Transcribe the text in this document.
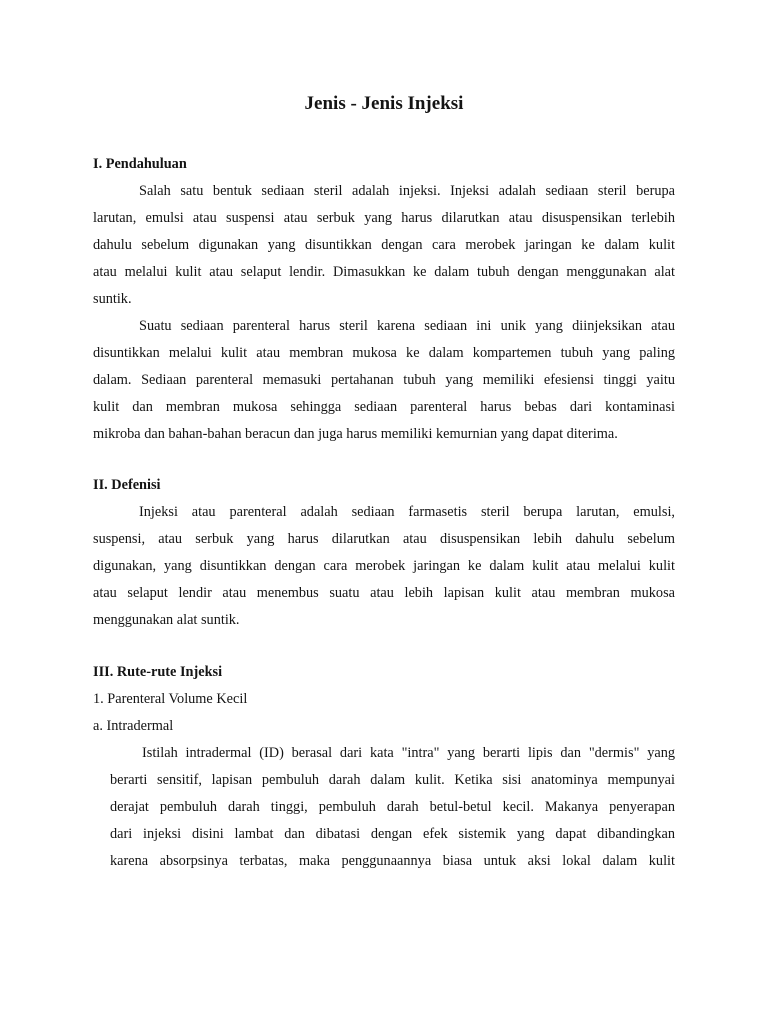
Jenis - Jenis Injeksi
I. Pendahuluan
Salah satu bentuk sediaan steril adalah injeksi. Injeksi adalah sediaan steril berupa
larutan, emulsi atau suspensi atau serbuk yang harus dilarutkan atau disuspensikan terlebih
dahulu sebelum digunakan yang disuntikkan dengan cara merobek jaringan ke dalam kulit
atau melalui kulit atau selaput lendir. Dimasukkan ke dalam tubuh dengan menggunakan alat
suntik.
Suatu sediaan parenteral harus steril karena sediaan ini unik yang diinjeksikan atau
disuntikkan melalui kulit atau membran mukosa ke dalam kompartemen tubuh yang paling
dalam. Sediaan parenteral memasuki pertahanan tubuh yang memiliki efesiensi tinggi yaitu
kulit dan membran mukosa sehingga sediaan parenteral harus bebas dari kontaminasi
mikroba dan bahan-bahan beracun dan juga harus memiliki kemurnian yang dapat diterima.
II. Defenisi
Injeksi atau parenteral adalah sediaan farmasetis steril berupa larutan, emulsi,
suspensi, atau serbuk yang harus dilarutkan atau disuspensikan lebih dahulu sebelum
digunakan, yang disuntikkan dengan cara merobek jaringan ke dalam kulit atau melalui kulit
atau selaput lendir atau menembus suatu atau lebih lapisan kulit atau membran mukosa
menggunakan alat suntik.
III. Rute-rute Injeksi
1. Parenteral Volume Kecil
a. Intradermal
Istilah intradermal (ID) berasal dari kata "intra" yang berarti lipis dan "dermis" yang
berarti sensitif, lapisan pembuluh darah dalam kulit. Ketika sisi anatominya mempunyai
derajat pembuluh darah tinggi, pembuluh darah betul-betul kecil. Makanya penyerapan
dari injeksi disini lambat dan dibatasi dengan efek sistemik yang dapat dibandingkan
karena absorpsinya terbatas, maka penggunaannya biasa untuk aksi lokal dalam kulit
